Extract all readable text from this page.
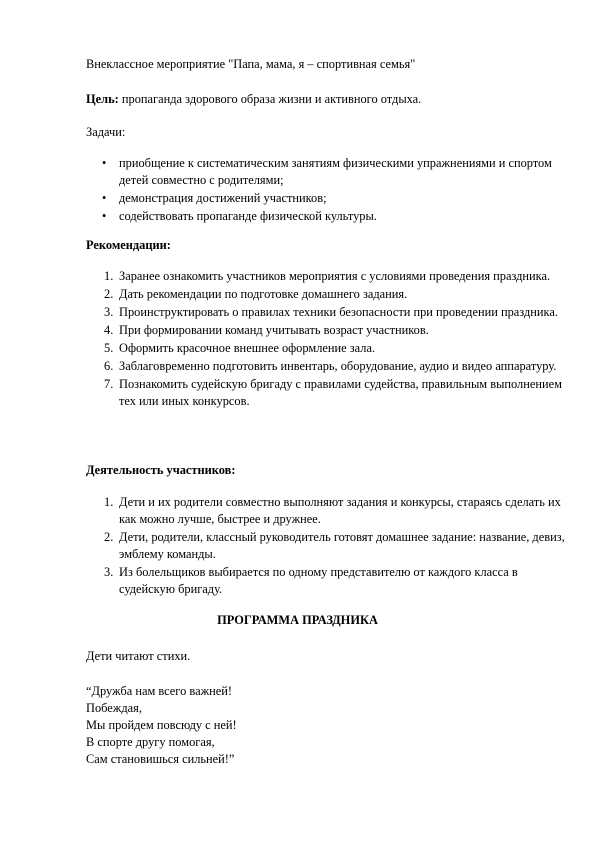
Внеклассное мероприятие "Папа, мама, я – спортивная семья"

Цель: пропаганда здорового образа жизни и активного отдыха.

Задачи:

• приобщение к систематическим занятиям физическими упражнениями и спортом детей совместно с родителями;
• демонстрация достижений участников;
• содействовать пропаганде физической культуры.

Рекомендации:

1. Заранее ознакомить участников мероприятия с условиями проведения праздника.
2. Дать рекомендации по подготовке домашнего задания.
3. Проинструктировать о правилах техники безопасности при проведении праздника.
4. При формировании команд учитывать возраст участников.
5. Оформить красочное внешнее оформление зала.
6. Заблаговременно подготовить инвентарь, оборудование, аудио и видео аппаратуру.
7. Познакомить судейскую бригаду с правилами судейства, правильным выполнением тех или иных конкурсов.

Деятельность участников:

1. Дети и их родители совместно выполняют задания и конкурсы, стараясь сделать их как можно лучше, быстрее и дружнее.
2. Дети, родители, классный руководитель готовят домашнее задание: название, девиз, эмблему команды.
3. Из болельщиков выбирается по одному представителю от каждого класса в судейскую бригаду.

ПРОГРАММА ПРАЗДНИКА

Дети читают стихи.

“Дружба нам всего важней!
Побеждая,
Мы пройдем повсюду с ней!
В спорте другу помогая,
Сам становишься сильней!”
